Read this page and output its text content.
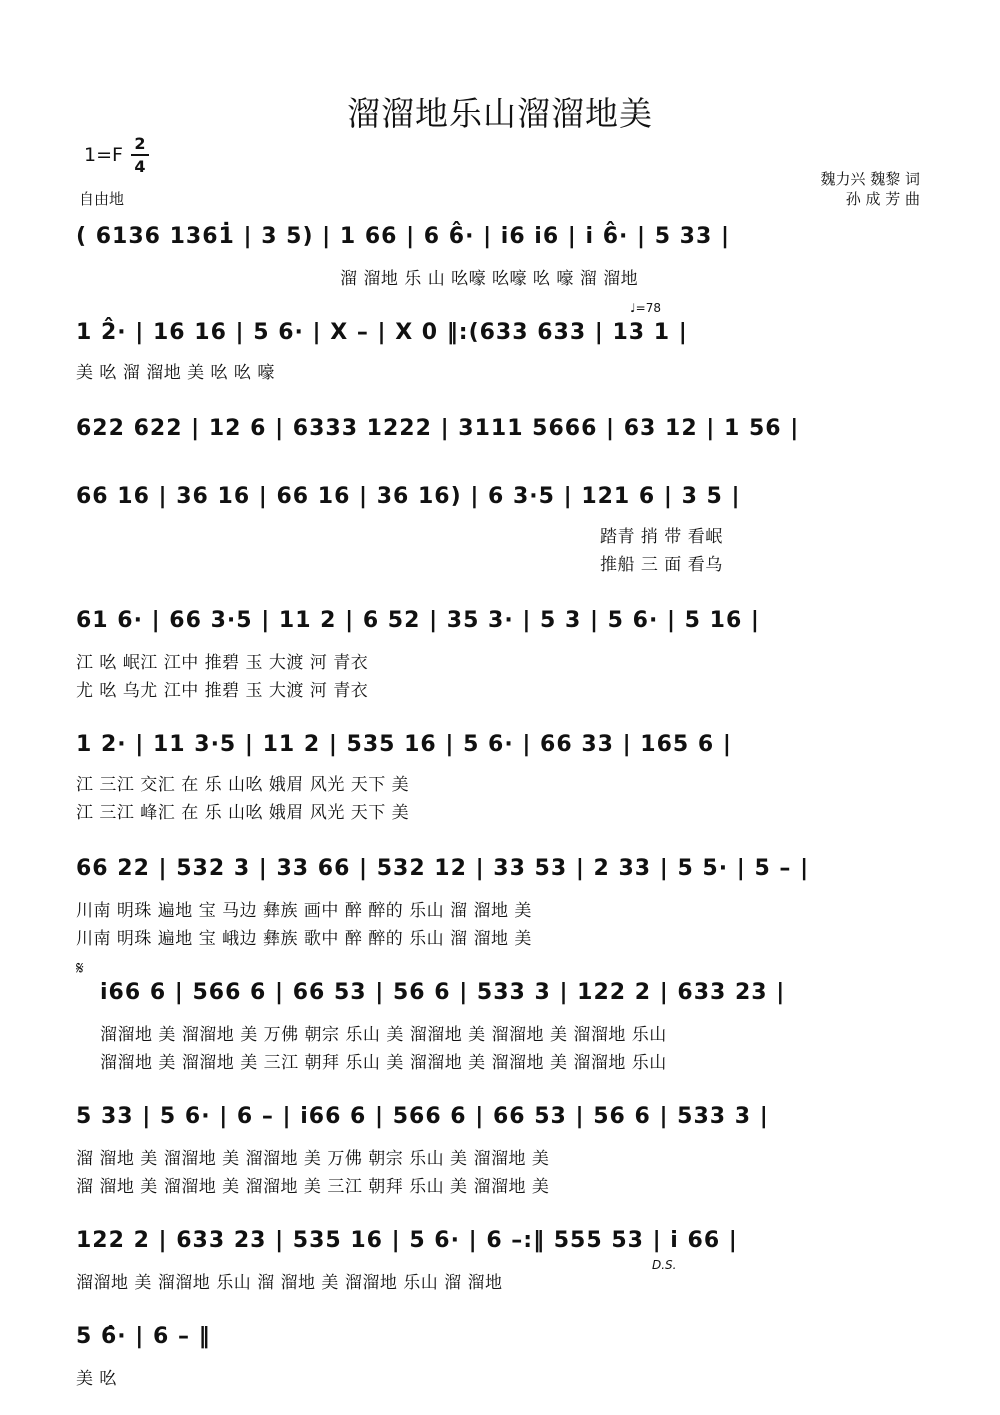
溜溜地乐山溜溜地美
1=F
2
4
自由地
魏力兴 魏黎 词
孙 成 芳 曲
( 6136 1361̇ | 3 5) | 1 66 | 6 6̂· | i6 i6 | i 6̂· | 5 33 |
溜 溜地 乐 山 吆嚎 吆嚎 吆 嚎 溜 溜地
♩=78
1 2̂· | 16 16 | 5 6· | X – | X 0 ‖:(633 633 | 13 1 |
美 吆 溜 溜地 美 吆 吆 嚎
622 622 | 12 6 | 6333 1222 | 3111 5666 | 63 12 | 1 56 |
66 16 | 36 16 | 66 16 | 36 16) | 6 3·5 | 121 6 | 3 5 |
踏青 捎 带 看岷
推船 三 面 看乌
61 6· | 66 3·5 | 11 2 | 6 52 | 35 3· | 5 3 | 5 6· | 5 16 |
江 吆 岷江 江中 推碧 玉 大渡 河 青衣
尤 吆 乌尤 江中 推碧 玉 大渡 河 青衣
1 2· | 11 3·5 | 11 2 | 535 16 | 5 6· | 66 33 | 165 6 |
江 三江 交汇 在 乐 山吆 娥眉 风光 天下 美
江 三江 峰汇 在 乐 山吆 娥眉 风光 天下 美
66 22 | 532 3 | 33 66 | 532 12 | 33 53 | 2 33 | 5 5· | 5 – |
川南 明珠 遍地 宝 马边 彝族 画中 醉 醉的 乐山 溜 溜地 美
川南 明珠 遍地 宝 峨边 彝族 歌中 醉 醉的 乐山 溜 溜地 美
𝄋
i66 6 | 566 6 | 66 53 | 56 6 | 533 3 | 122 2 | 633 23 |
溜溜地 美 溜溜地 美 万佛 朝宗 乐山 美 溜溜地 美 溜溜地 美 溜溜地 乐山
溜溜地 美 溜溜地 美 三江 朝拜 乐山 美 溜溜地 美 溜溜地 美 溜溜地 乐山
5 33 | 5 6· | 6 – | i66 6 | 566 6 | 66 53 | 56 6 | 533 3 |
溜 溜地 美 溜溜地 美 溜溜地 美 万佛 朝宗 乐山 美 溜溜地 美
溜 溜地 美 溜溜地 美 溜溜地 美 三江 朝拜 乐山 美 溜溜地 美
122 2 | 633 23 | 535 16 | 5 6· | 6 –:‖ 555 53 | i 66 |
D.S.
溜溜地 美 溜溜地 乐山 溜 溜地 美 溜溜地 乐山 溜 溜地
5 6̂· | 6 – ‖
美 吆
